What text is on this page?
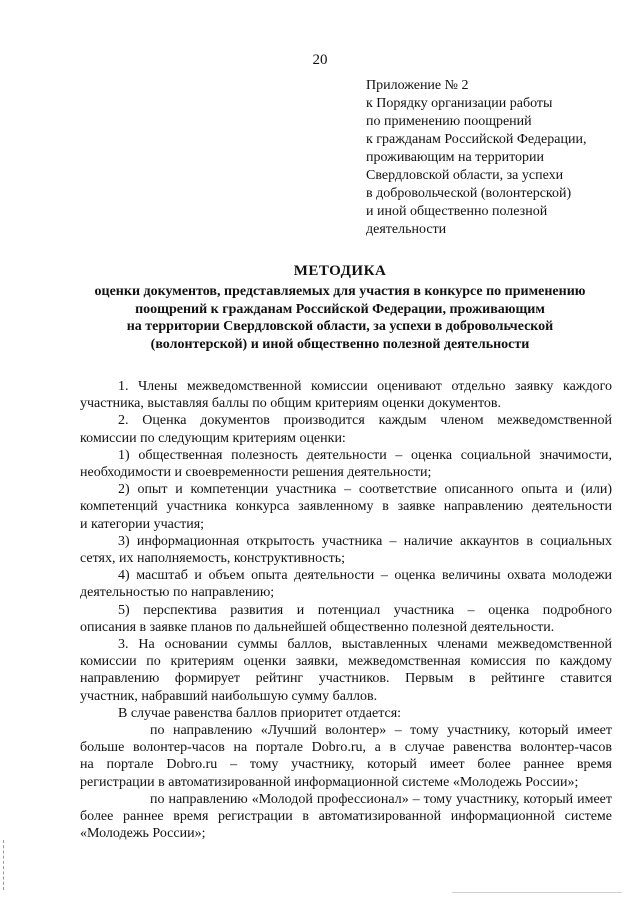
20
Приложение № 2
к Порядку организации работы
по применению поощрений
к гражданам Российской Федерации,
проживающим на территории
Свердловской области, за успехи
в добровольческой (волонтерской)
и иной общественно полезной
деятельности
МЕТОДИКА
оценки документов, представляемых для участия в конкурсе по применению
поощрений к гражданам Российской Федерации, проживающим
на территории Свердловской области, за успехи в добровольческой
(волонтерской) и иной общественно полезной деятельности
1. Члены межведомственной комиссии оценивают отдельно заявку каждого
участника, выставляя баллы по общим критериям оценки документов.
2. Оценка документов производится каждым членом межведомственной
комиссии по следующим критериям оценки:
1) общественная полезность деятельности – оценка социальной значимости,
необходимости и своевременности решения деятельности;
2) опыт и компетенции участника – соответствие описанного опыта и (или)
компетенций участника конкурса заявленному в заявке направлению деятельности
и категории участия;
3) информационная открытость участника – наличие аккаунтов в социальных
сетях, их наполняемость, конструктивность;
4) масштаб и объем опыта деятельности – оценка величины охвата молодежи
деятельностью по направлению;
5) перспектива развития и потенциал участника – оценка подробного
описания в заявке планов по дальнейшей общественно полезной деятельности.
3. На основании суммы баллов, выставленных членами межведомственной
комиссии по критериям оценки заявки, межведомственная комиссия по каждому
направлению формирует рейтинг участников. Первым в рейтинге ставится
участник, набравший наибольшую сумму баллов.
В случае равенства баллов приоритет отдается:
по направлению «Лучший волонтер» – тому участнику, который имеет
больше волонтер-часов на портале Dobro.ru, а в случае равенства волонтер-часов
на портале Dobro.ru – тому участнику, который имеет более раннее время
регистрации в автоматизированной информационной системе «Молодежь России»;
по направлению «Молодой профессионал» – тому участнику, который имеет
более раннее время регистрации в автоматизированной информационной системе
«Молодежь России»;
